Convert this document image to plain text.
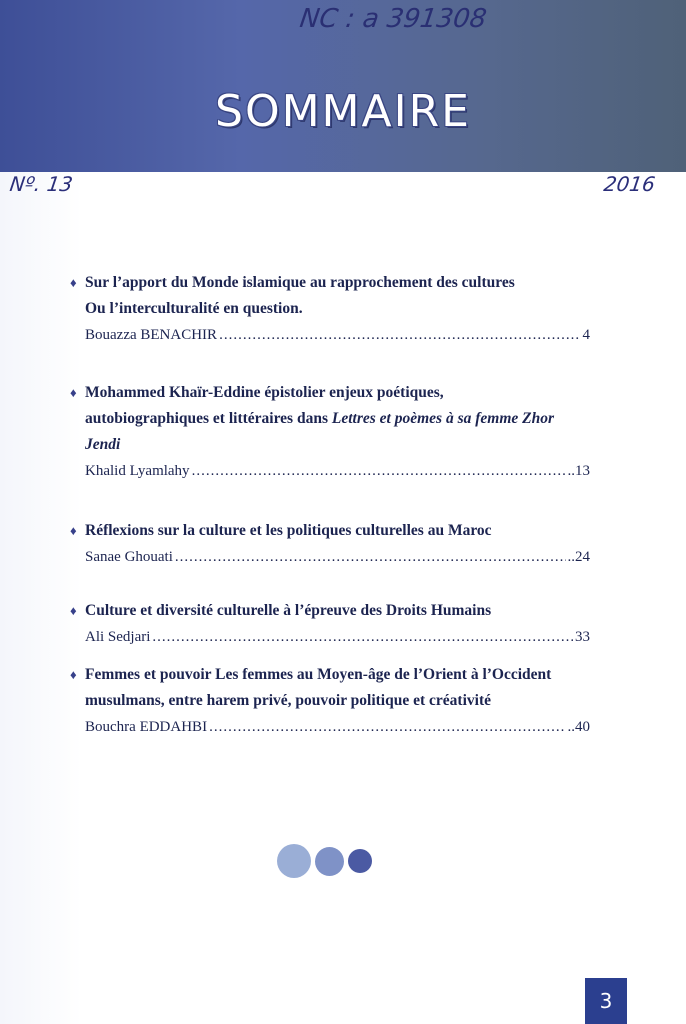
NC : a 391308
SOMMAIRE
Nº. 13	2016
♦ Sur l’apport du Monde islamique au rapprochement des cultures
Ou l’interculturalité en question.
Bouazza BENACHIR .....	4
♦ Mohammed Khaïr-Eddine épistolier enjeux poétiques,
autobiographiques et littéraires dans Lettres et poèmes à sa femme Zhor
Jendi
Khalid Lyamlahy .....	..13
♦ Réflexions sur la culture et les politiques culturelles au Maroc
Sanae Ghouati .....	..24
♦ Culture et diversité culturelle à l’épreuve des Droits Humains
Ali Sedjari .....	33
♦ Femmes et pouvoir Les femmes au Moyen-âge de l’Orient à l’Occident
musulmans, entre harem privé, pouvoir politique et créativité
Bouchra EDDAHBI .....	..40
3
